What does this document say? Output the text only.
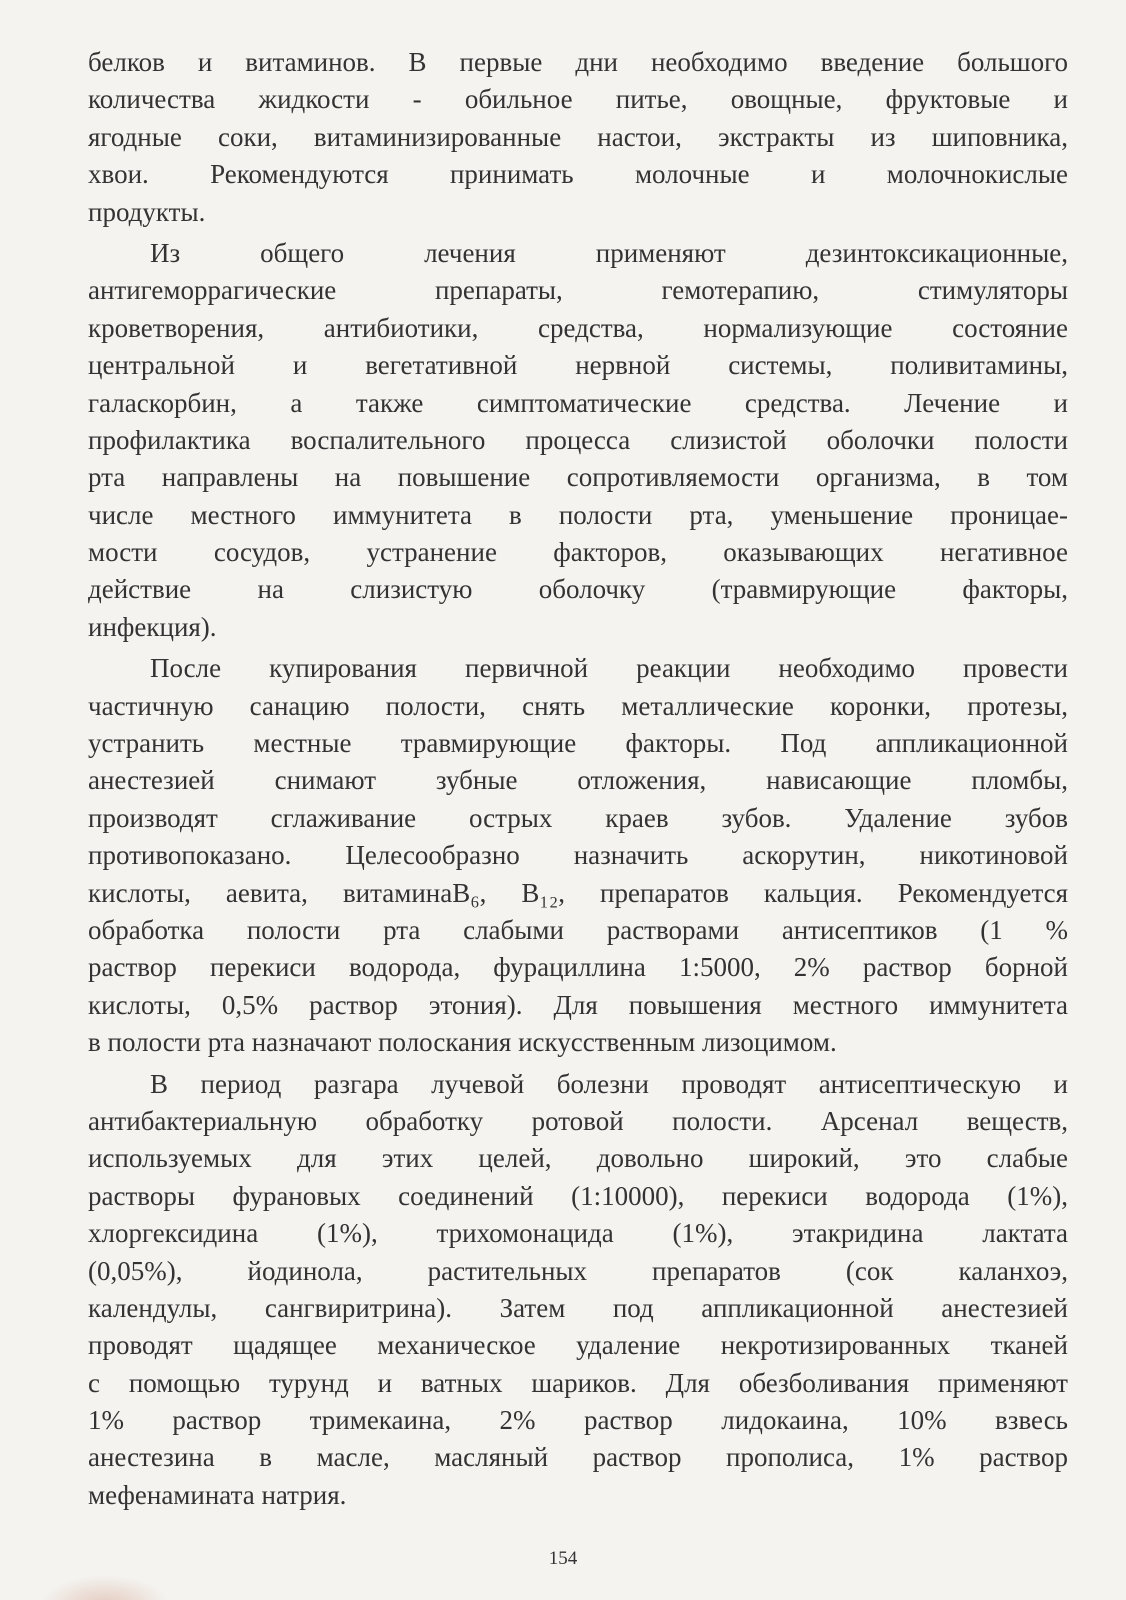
белков и витаминов. В первые дни необходимо введение большого
количества жидкости - обильное питье, овощные, фруктовые и
ягодные соки, витаминизированные настои, экстракты из шиповника,
хвои. Рекомендуются принимать молочные и молочнокислые
продукты.
Из общего лечения применяют дезинтоксикационные,
антигеморрагические препараты, гемотерапию, стимуляторы
кроветворения, антибиотики, средства, нормализующие состояние
центральной и вегетативной нервной системы, поливитамины,
галаскорбин, а также симптоматические средства. Лечение и
профилактика воспалительного процесса слизистой оболочки полости
рта направлены на повышение сопротивляемости организма, в том
числе местного иммунитета в полости рта, уменьшение проницае-
мости сосудов, устранение факторов, оказывающих негативное
действие на слизистую оболочку (травмирующие факторы,
инфекция).
После купирования первичной реакции необходимо провести
частичную санацию полости, снять металлические коронки, протезы,
устранить местные травмирующие факторы. Под аппликационной
анестезией снимают зубные отложения, нависающие пломбы,
производят сглаживание острых краев зубов. Удаление зубов
противопоказано. Целесообразно назначить аскорутин, никотиновой
кислоты, аевита, витаминаB₆, B₁₂, препаратов кальция. Рекомендуется
обработка полости рта слабыми растворами антисептиков (1 %
раствор перекиси водорода, фурациллина 1:5000, 2% раствор борной
кислоты, 0,5% раствор этония). Для повышения местного иммунитета
в полости рта назначают полоскания искусственным лизоцимом.
В период разгара лучевой болезни проводят антисептическую и
антибактериальную обработку ротовой полости. Арсенал веществ,
используемых для этих целей, довольно широкий, это слабые
растворы фурановых соединений (1:10000), перекиси водорода (1%),
хлоргексидина (1%), трихомонацида (1%), этакридина лактата
(0,05%), йодинола, растительных препаратов (сок каланхоэ,
календулы, сангвиритрина). Затем под аппликационной анестезией
проводят щадящее механическое удаление некротизированных тканей
с помощью турунд и ватных шариков. Для обезболивания применяют
1% раствор тримекаина, 2% раствор лидокаина, 10% взвесь
анестезина в масле, масляный раствор прополиса, 1% раствор
мефенамината натрия.
154
